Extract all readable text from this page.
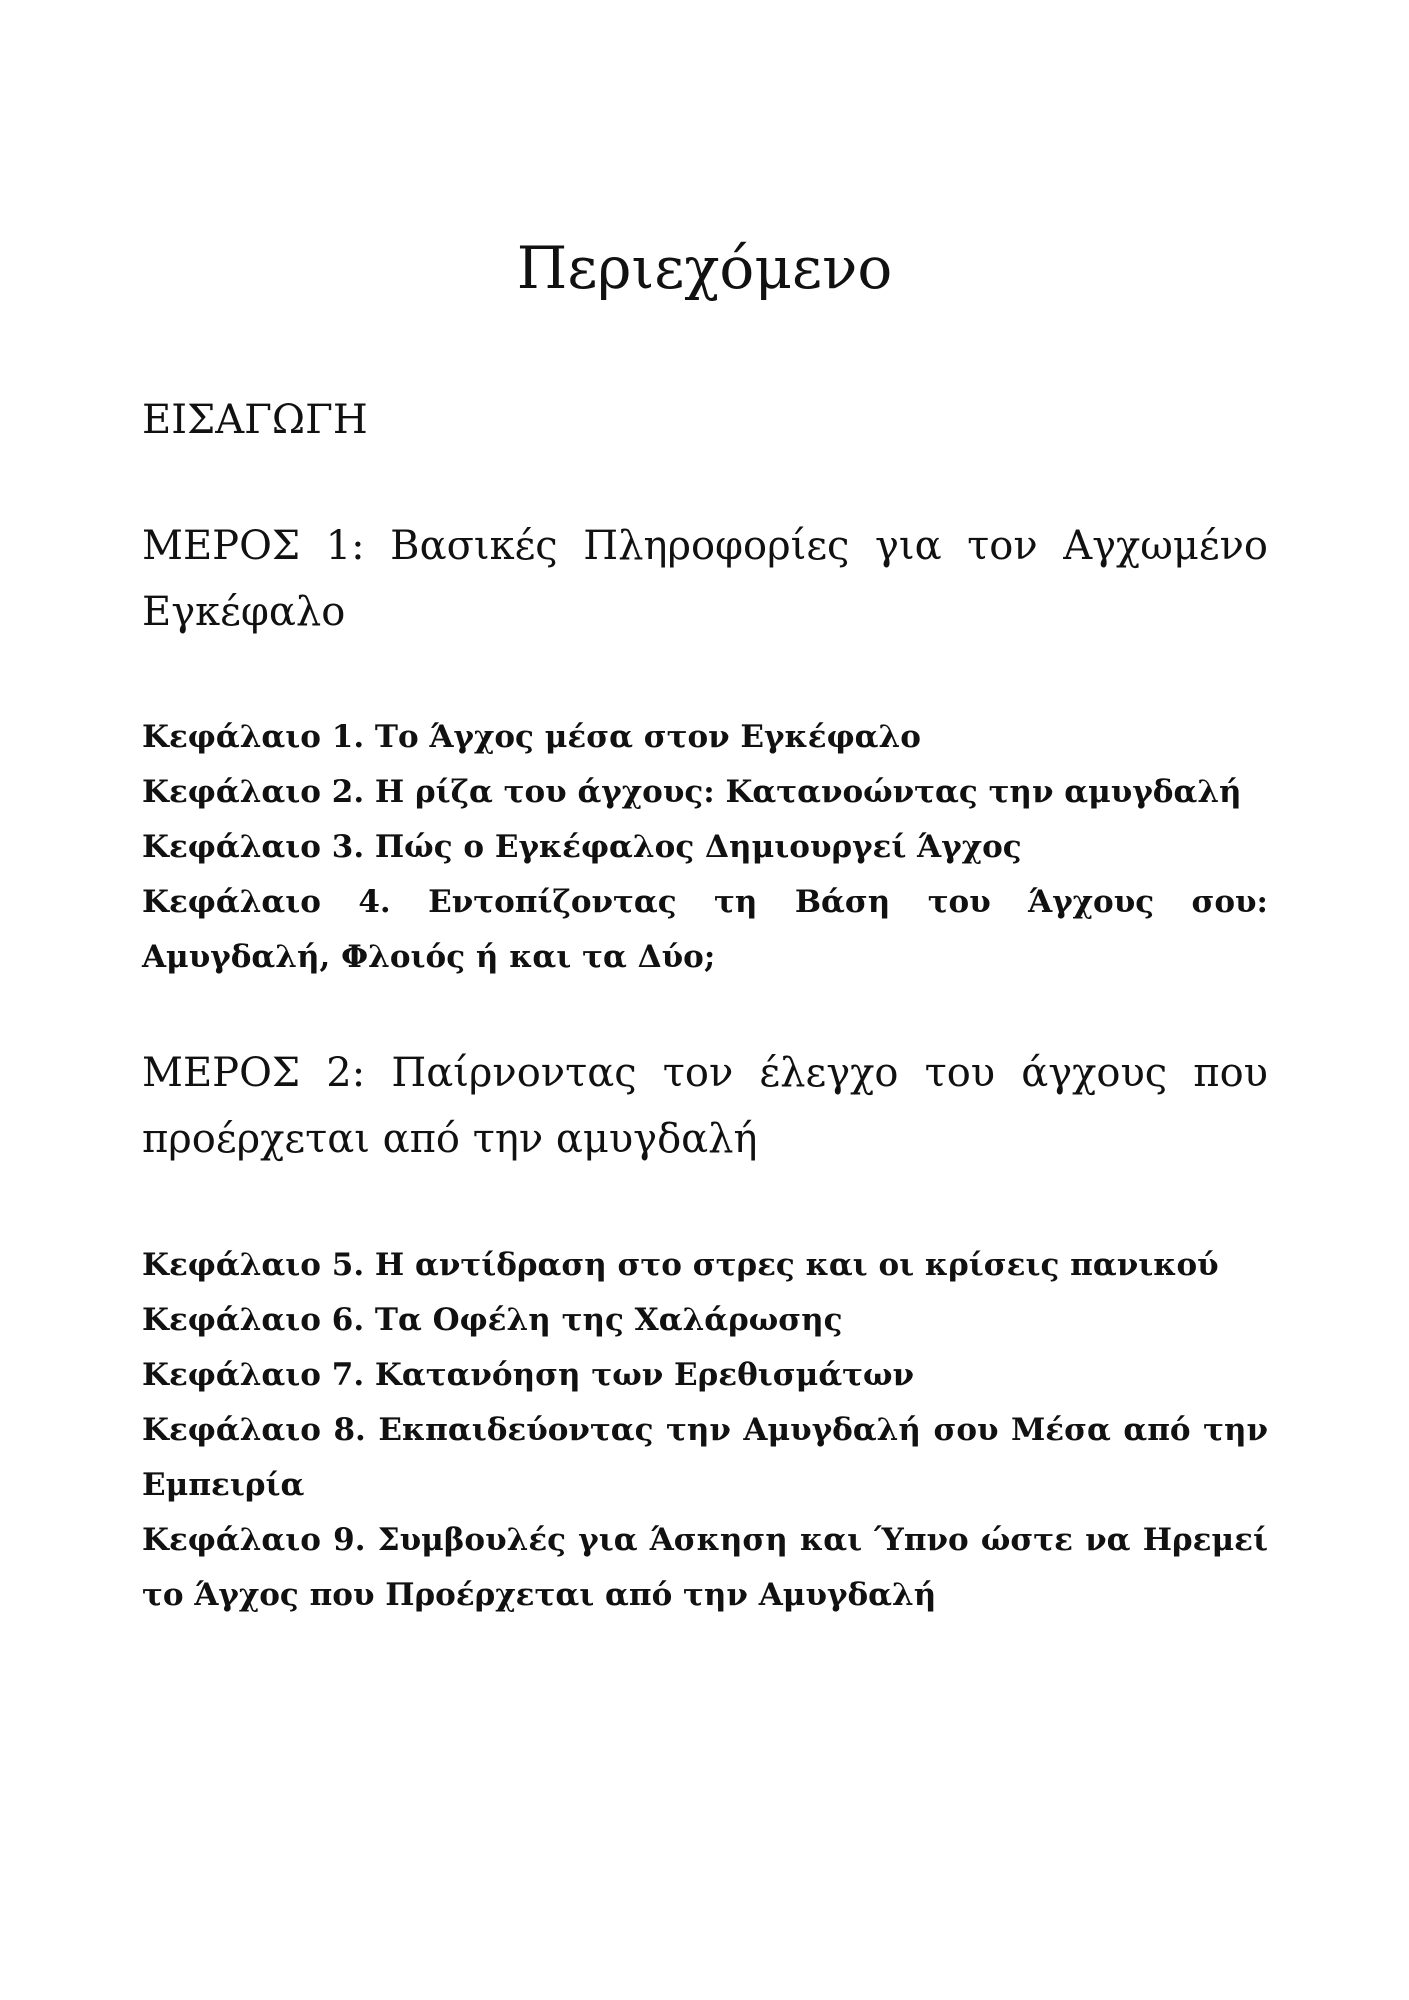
Περιεχόμενο
ΕΙΣΑΓΩΓΗ
ΜΕΡΟΣ 1: Βασικές Πληροφορίες για τον Αγχωμένο Εγκέφαλο
Κεφάλαιο 1. Το Άγχος μέσα στον Εγκέφαλο
Κεφάλαιο 2. Η ρίζα του άγχους: Κατανοώντας την αμυγδαλή
Κεφάλαιο 3. Πώς ο Εγκέφαλος Δημιουργεί Άγχος
Κεφάλαιο 4. Εντοπίζοντας τη Βάση του Άγχους σου: Αμυγδαλή, Φλοιός ή και τα Δύο;
ΜΕΡΟΣ 2: Παίρνοντας τον έλεγχο του άγχους που προέρχεται από την αμυγδαλή
Κεφάλαιο 5. Η αντίδραση στο στρες και οι κρίσεις πανικού
Κεφάλαιο 6. Τα Οφέλη της Χαλάρωσης
Κεφάλαιο 7. Κατανόηση των Ερεθισμάτων
Κεφάλαιο 8. Εκπαιδεύοντας την Αμυγδαλή σου Μέσα από την Εμπειρία
Κεφάλαιο 9. Συμβουλές για Άσκηση και Ύπνο ώστε να Ηρεμεί το Άγχος που Προέρχεται από την Αμυγδαλή
